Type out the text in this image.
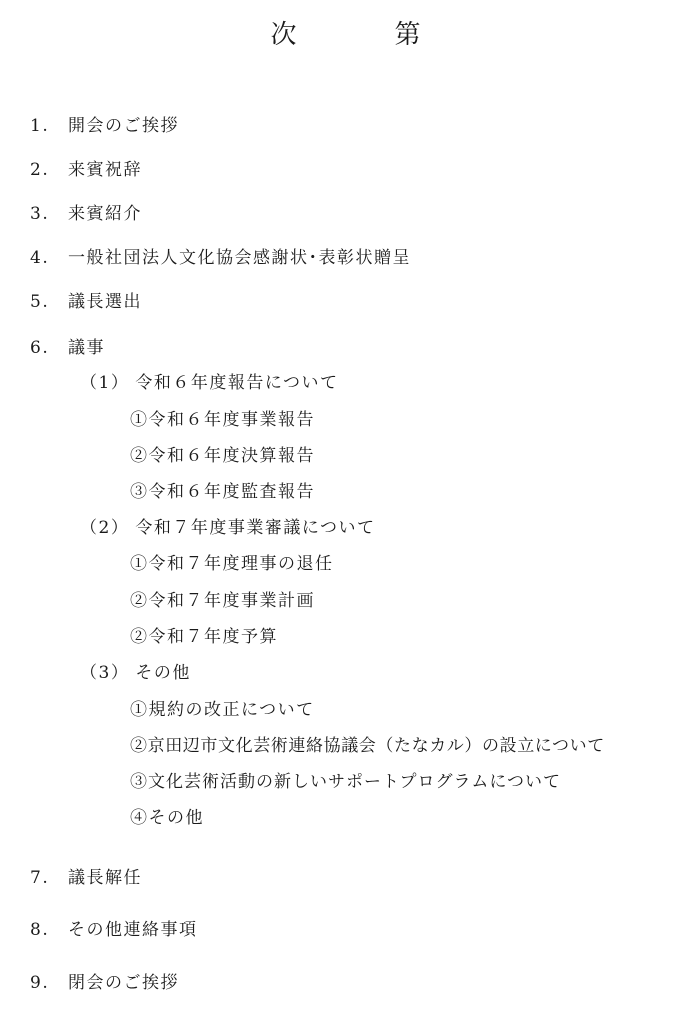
次　第
1. 開会のご挨拶
2. 来賓祝辞
3. 来賓紹介
4. 一般社団法人文化協会感謝状･表彰状贈呈
5. 議長選出
6. 議事
（1） 令和６年度報告について
①令和６年度事業報告
②令和６年度決算報告
③令和６年度監査報告
（2） 令和７年度事業審議について
①令和７年度理事の退任
②令和７年度事業計画
②令和７年度予算
（3） その他
①規約の改正について
②京田辺市文化芸術連絡協議会（たなカル）の設立について
③文化芸術活動の新しいサポートプログラムについて
④その他
7. 議長解任
8. その他連絡事項
9. 閉会のご挨拶
